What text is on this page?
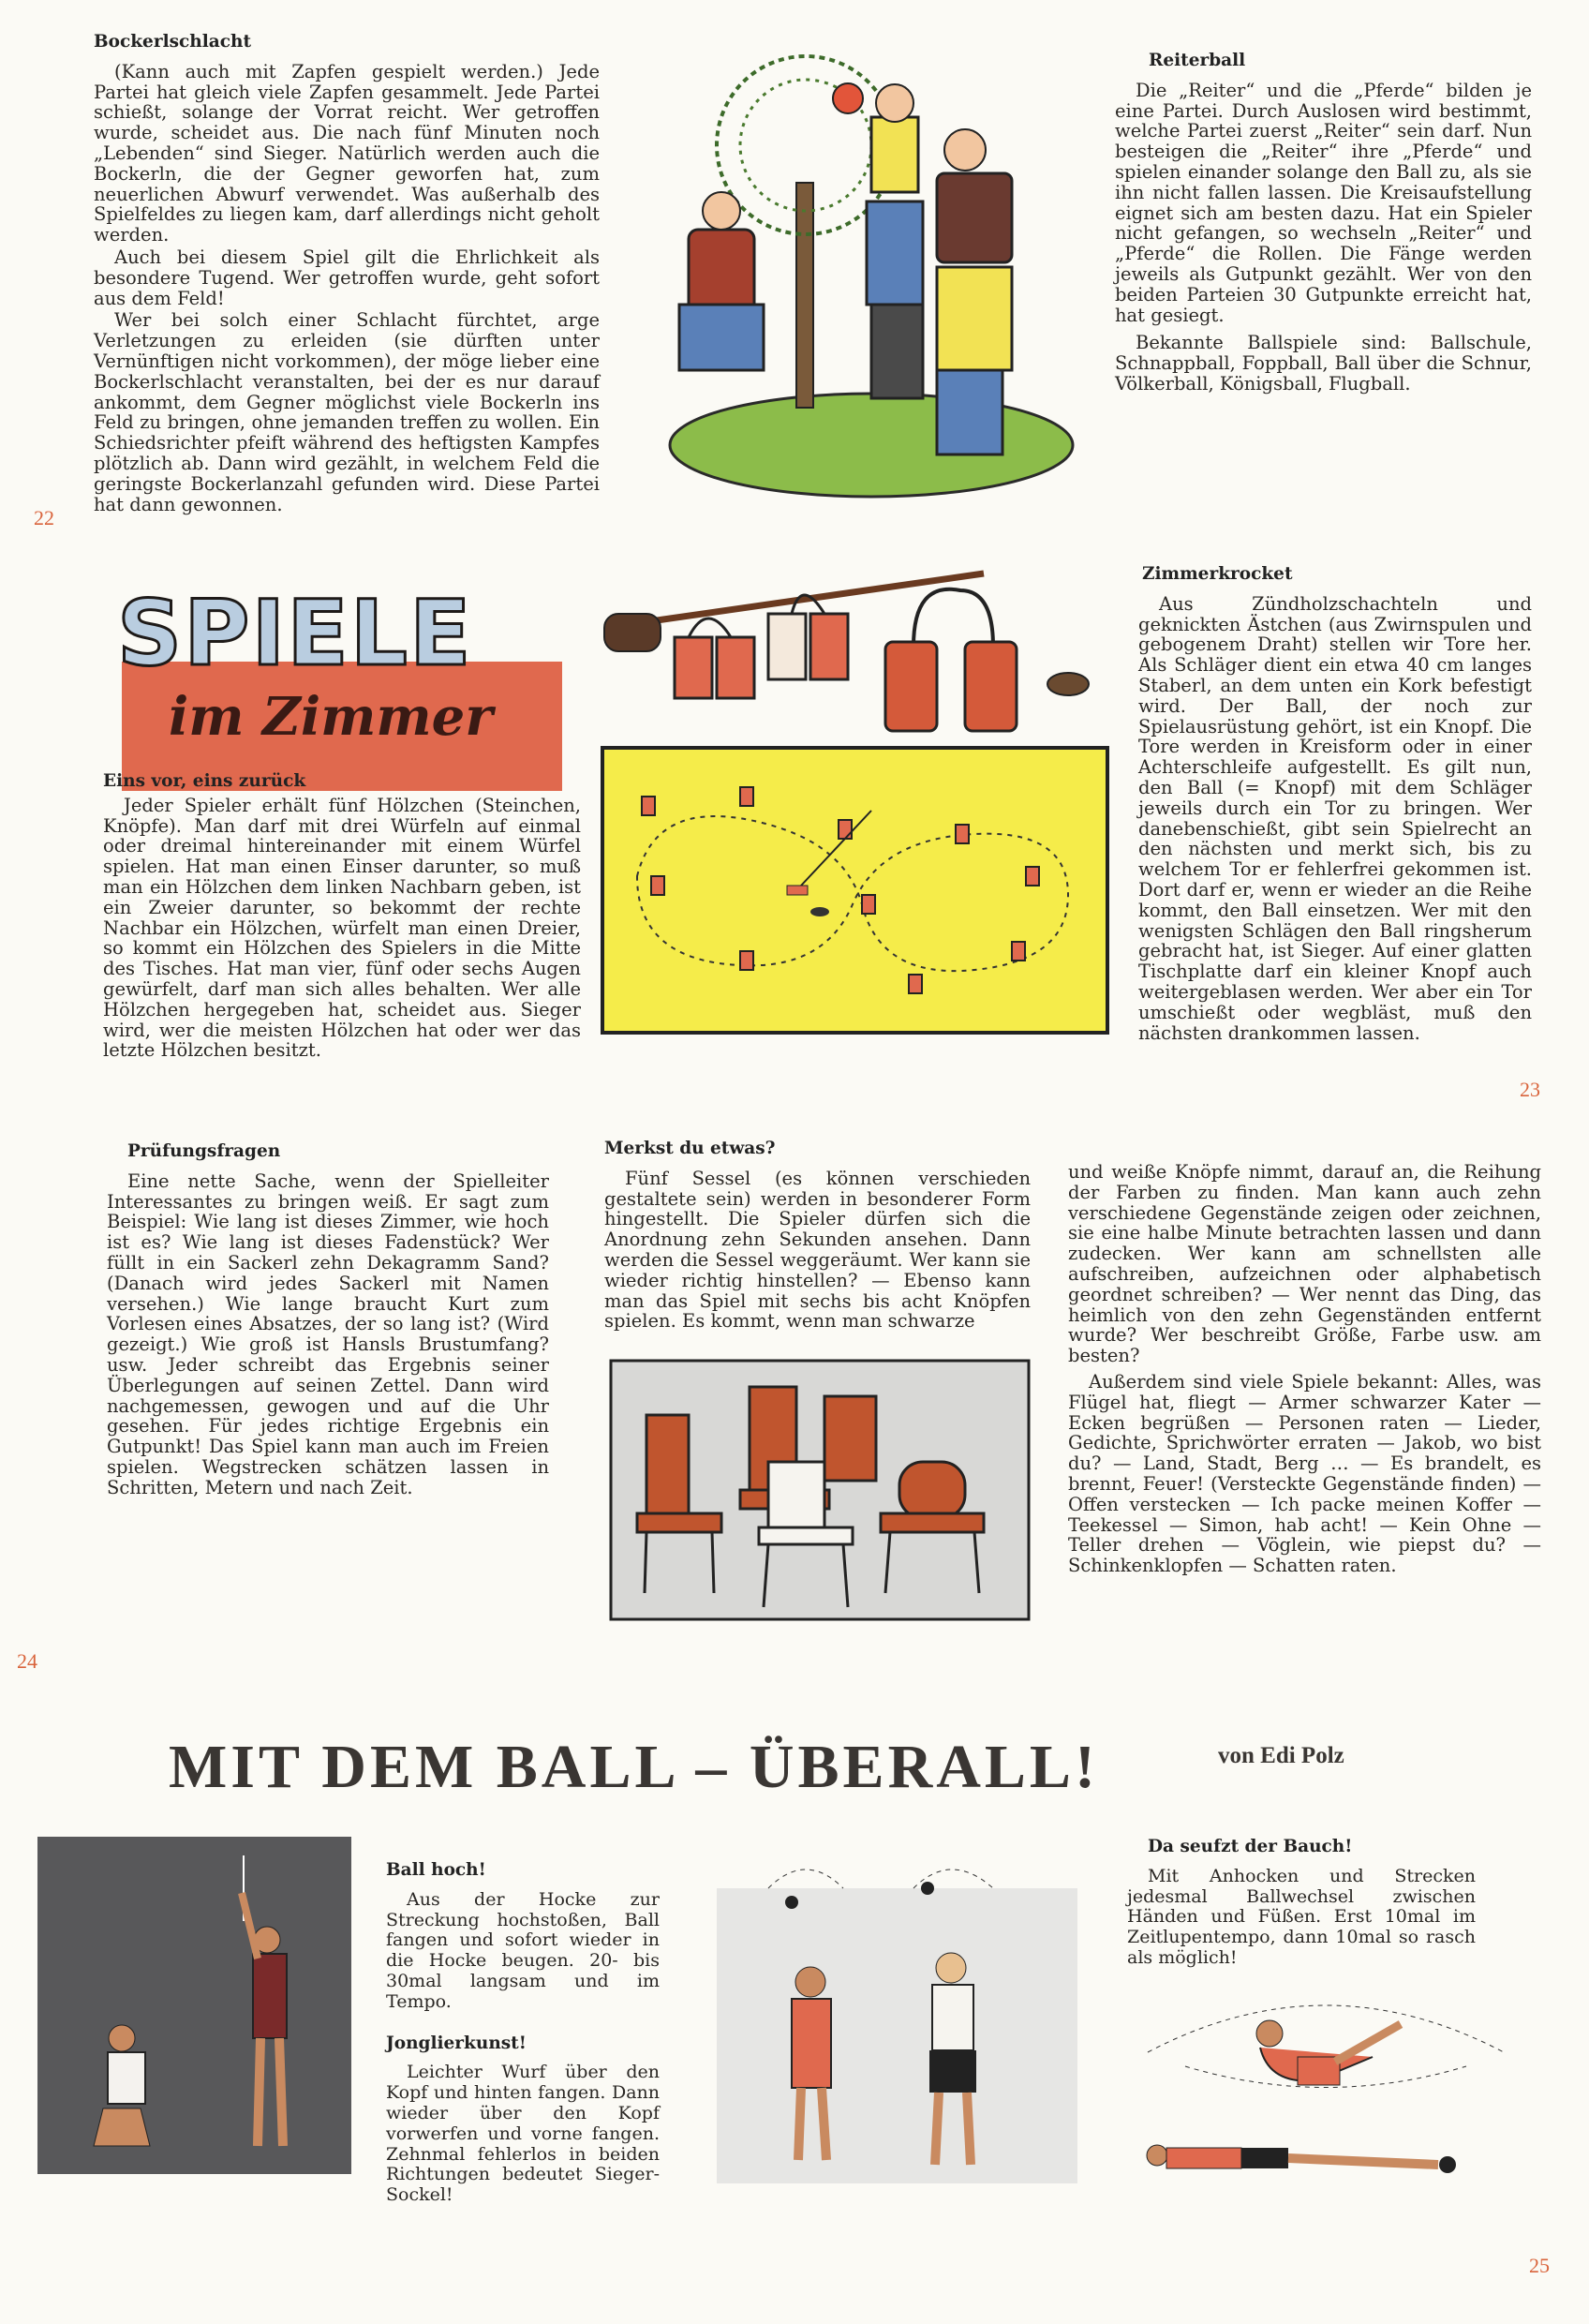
Bockerlschlacht

(Kann auch mit Zapfen gespielt werden.) Jede Partei hat gleich viele Zapfen gesammelt. Jede Partei schießt, solange der Vorrat reicht. Wer getroffen wurde, scheidet aus. Die nach fünf Minuten noch „Lebenden“ sind Sieger. Natürlich werden auch die Bockerln, die der Gegner geworfen hat, zum neuerlichen Abwurf verwendet. Was außerhalb des Spielfeldes zu liegen kam, darf allerdings nicht geholt werden.

Auch bei diesem Spiel gilt die Ehrlichkeit als besondere Tugend. Wer getroffen wurde, geht sofort aus dem Feld!

Wer bei solch einer Schlacht fürchtet, arge Verletzungen zu erleiden (sie dürften unter Vernünftigen nicht vorkommen), der möge lieber eine Bockerlschlacht veranstalten, bei der es nur darauf ankommt, dem Gegner möglichst viele Bockerln ins Feld zu bringen, ohne jemanden treffen zu wollen. Ein Schiedsrichter pfeift während des heftigsten Kampfes plötzlich ab. Dann wird gezählt, in welchem Feld die geringste Bockerlanzahl gefunden wird. Diese Partei hat dann gewonnen.

Reiterball

Die „Reiter“ und die „Pferde“ bilden je eine Partei. Durch Auslosen wird bestimmt, welche Partei zuerst „Reiter“ sein darf. Nun besteigen die „Reiter“ ihre „Pferde“ und spielen einander solange den Ball zu, als sie ihn nicht fallen lassen. Die Kreisaufstellung eignet sich am besten dazu. Hat ein Spieler nicht gefangen, so wechseln „Reiter“ und „Pferde“ die Rollen. Die Fänge werden jeweils als Gutpunkt gezählt. Wer von den beiden Parteien 30 Gutpunkte erreicht hat, hat gesiegt.

Bekannte Ballspiele sind: Ballschule, Schnappball, Foppball, Ball über die Schnur, Völkerball, Königsball, Flugball.

22
SPIELE
im Zimmer
Eins vor, eins zurück

Jeder Spieler erhält fünf Hölzchen (Steinchen, Knöpfe). Man darf mit drei Würfeln auf einmal oder dreimal hintereinander mit einem Würfel spielen. Hat man einen Einser darunter, so muß man ein Hölzchen dem linken Nachbarn geben, ist ein Zweier darunter, so bekommt der rechte Nachbar ein Hölzchen, würfelt man einen Dreier, so kommt ein Hölzchen des Spielers in die Mitte des Tisches. Hat man vier, fünf oder sechs Augen gewürfelt, darf man sich alles behalten. Wer alle Hölzchen hergegeben hat, scheidet aus. Sieger wird, wer die meisten Hölzchen hat oder wer das letzte Hölzchen besitzt.

Zimmerkrocket

Aus Zündholzschachteln und geknickten Ästchen (aus Zwirnspulen und gebogenem Draht) stellen wir Tore her. Als Schläger dient ein etwa 40 cm langes Staberl, an dem unten ein Kork befestigt wird. Der Ball, der noch zur Spielausrüstung gehört, ist ein Knopf. Die Tore werden in Kreisform oder in einer Achterschleife aufgestellt. Es gilt nun, den Ball (= Knopf) mit dem Schläger jeweils durch ein Tor zu bringen. Wer danebenschießt, gibt sein Spielrecht an den nächsten und merkt sich, bis zu welchem Tor er fehlerfrei gekommen ist. Dort darf er, wenn er wieder an die Reihe kommt, den Ball einsetzen. Wer mit den wenigsten Schlägen den Ball ringsherum gebracht hat, ist Sieger. Auf einer glatten Tischplatte darf ein kleiner Knopf auch weitergeblasen werden. Wer aber ein Tor umschießt oder wegbläst, muß den nächsten drankommen lassen.

23
Prüfungsfragen

Eine nette Sache, wenn der Spielleiter Interessantes zu bringen weiß. Er sagt zum Beispiel: Wie lang ist dieses Zimmer, wie hoch ist es? Wie lang ist dieses Fadenstück? Wer füllt in ein Sackerl zehn Dekagramm Sand? (Danach wird jedes Sackerl mit Namen versehen.) Wie lange braucht Kurt zum Vorlesen eines Absatzes, der so lang ist? (Wird gezeigt.) Wie groß ist Hansls Brustumfang? usw. Jeder schreibt das Ergebnis seiner Überlegungen auf seinen Zettel. Dann wird nachgemessen, gewogen und auf die Uhr gesehen. Für jedes richtige Ergebnis ein Gutpunkt! Das Spiel kann man auch im Freien spielen. Wegstrecken schätzen lassen in Schritten, Metern und nach Zeit.

Merkst du etwas?

Fünf Sessel (es können verschieden gestaltete sein) werden in besonderer Form hingestellt. Die Spieler dürfen sich die Anordnung zehn Sekunden ansehen. Dann werden die Sessel weggeräumt. Wer kann sie wieder richtig hinstellen? — Ebenso kann man das Spiel mit sechs bis acht Knöpfen spielen. Es kommt, wenn man schwarze

und weiße Knöpfe nimmt, darauf an, die Reihung der Farben zu finden. Man kann auch zehn verschiedene Gegenstände zeigen oder zeichnen, sie eine halbe Minute betrachten lassen und dann zudecken. Wer kann am schnellsten alle aufschreiben, aufzeichnen oder alphabetisch geordnet schreiben? — Wer nennt das Ding, das heimlich von den zehn Gegenständen entfernt wurde? Wer beschreibt Größe, Farbe usw. am besten?

Außerdem sind viele Spiele bekannt: Alles, was Flügel hat, fliegt — Armer schwarzer Kater — Ecken begrüßen — Personen raten — Lieder, Gedichte, Sprichwörter erraten — Jakob, wo bist du? — Land, Stadt, Berg … — Es brandelt, es brennt, Feuer! (Versteckte Gegenstände finden) — Offen verstecken — Ich packe meinen Koffer — Teekessel — Simon, hab acht! — Kein Ohne — Teller drehen — Vöglein, wie piepst du? — Schinkenklopfen — Schatten raten.

24
MIT DEM BALL – ÜBERALL!	von Edi Polz
Ball hoch!

Aus der Hocke zur Streckung hochstoßen, Ball fangen und sofort wieder in die Hocke beugen. 20- bis 30mal langsam und im Tempo.

Jonglierkunst!

Leichter Wurf über den Kopf und hinten fangen. Dann wieder über den Kopf vorwerfen und vorne fangen. Zehnmal fehlerlos in beiden Richtungen bedeutet Sieger-Sockel!

Da seufzt der Bauch!

Mit Anhocken und Strecken jedesmal Ballwechsel zwischen Händen und Füßen. Erst 10mal im Zeitlupentempo, dann 10mal so rasch als möglich!

25
